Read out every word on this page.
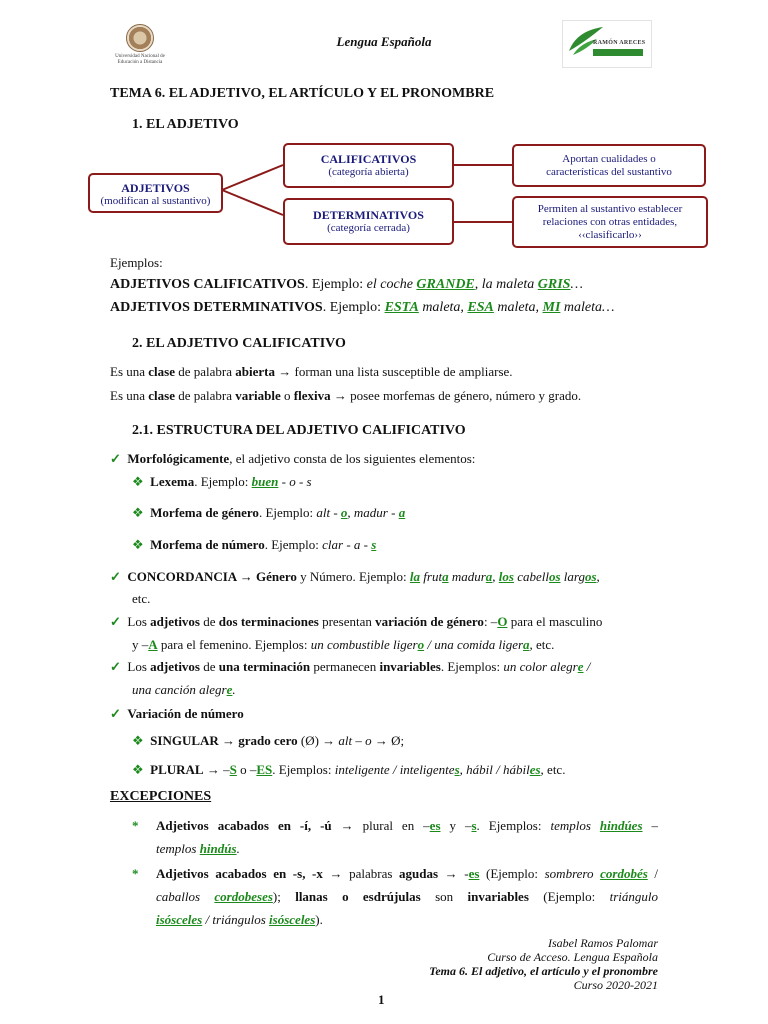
Universidad Nacional de Educación a Distancia
Lengua Española	RAMÓN ARECES
TEMA 6. EL ADJETIVO, EL ARTÍCULO Y EL PRONOMBRE
1. EL ADJETIVO
ADJETIVOS
(modifican al sustantivo)
CALIFICATIVOS
(categoría abierta)
DETERMINATIVOS
(categoría cerrada)
Aportan cualidades o
características del sustantivo
Permiten al sustantivo establecer
relaciones con otras entidades,
‹‹clasificarlo››
Ejemplos:
ADJETIVOS CALIFICATIVOS. Ejemplo: el coche GRANDE, la maleta GRIS…
ADJETIVOS DETERMINATIVOS. Ejemplo: ESTA maleta, ESA maleta, MI maleta…
2. EL ADJETIVO CALIFICATIVO
Es una clase de palabra abierta → forman una lista susceptible de ampliarse.
Es una clase de palabra variable o flexiva → posee morfemas de género, número y grado.
2.1. ESTRUCTURA DEL ADJETIVO CALIFICATIVO
✓ Morfológicamente, el adjetivo consta de los siguientes elementos:
❖ Lexema. Ejemplo: buen - o - s
❖ Morfema de género. Ejemplo: alt - o, madur - a
❖ Morfema de número. Ejemplo: clar - a - s
✓ CONCORDANCIA → Género y Número. Ejemplo: la fruta madura, los cabellos largos,
etc.
✓ Los adjetivos de dos terminaciones presentan variación de género: –O para el masculino
y –A para el femenino. Ejemplos: un combustible ligero / una comida ligera, etc.
✓ Los adjetivos de una terminación permanecen invariables. Ejemplos: un color alegre /
una canción alegre.
✓ Variación de número
❖ SINGULAR → grado cero (Ø) → alt – o → Ø;
❖ PLURAL → –S o –ES. Ejemplos: inteligente / inteligentes, hábil / hábiles, etc.
EXCEPCIONES
* Adjetivos acabados en -í, -ú → plural en –es y –s. Ejemplos: templos hindúes –
templos hindús.
* Adjetivos acabados en -s, -x → palabras agudas → -es (Ejemplo: sombrero cordobés /
caballos cordobeses); llanas o esdrújulas son invariables (Ejemplo: triángulo
isósceles / triángulos isósceles).
Isabel Ramos Palomar
Curso de Acceso. Lengua Española
Tema 6. El adjetivo, el artículo y el pronombre
Curso 2020-2021
1
